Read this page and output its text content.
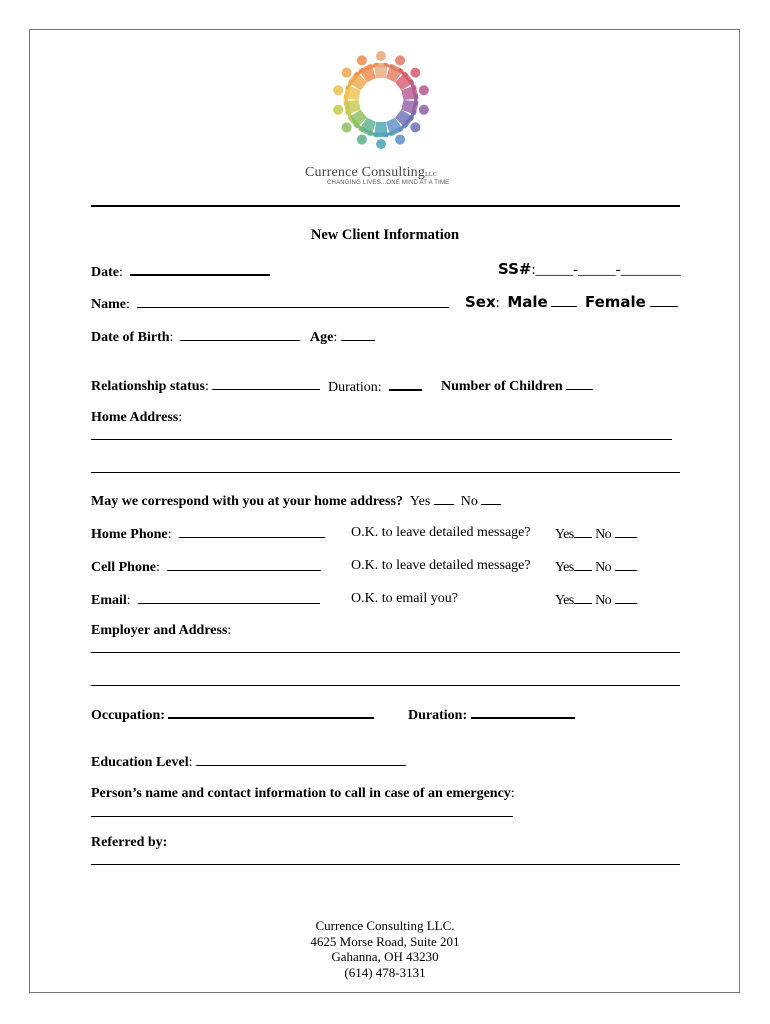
Currence ConsultingLLC
CHANGING LIVES...ONE MIND AT A TIME
New Client Information
Date:	SS#:_____-_____-________
Name:	Sex:  Male Female
Date of Birth:	Age:
Relationship status:	Duration:	Number of Children
Home Address:
May we correspond with you at your home address? Yes No
Home Phone:	O.K. to leave detailed message? Yes No
Cell Phone:	O.K. to leave detailed message? Yes No
Email:	O.K. to email you?	Yes No
Employer and Address:
Occupation:	Duration:
Education Level:
Person’s name and contact information to call in case of an emergency:
Referred by:
Currence Consulting LLC.
4625 Morse Road, Suite 201
Gahanna, OH 43230
(614) 478-3131
